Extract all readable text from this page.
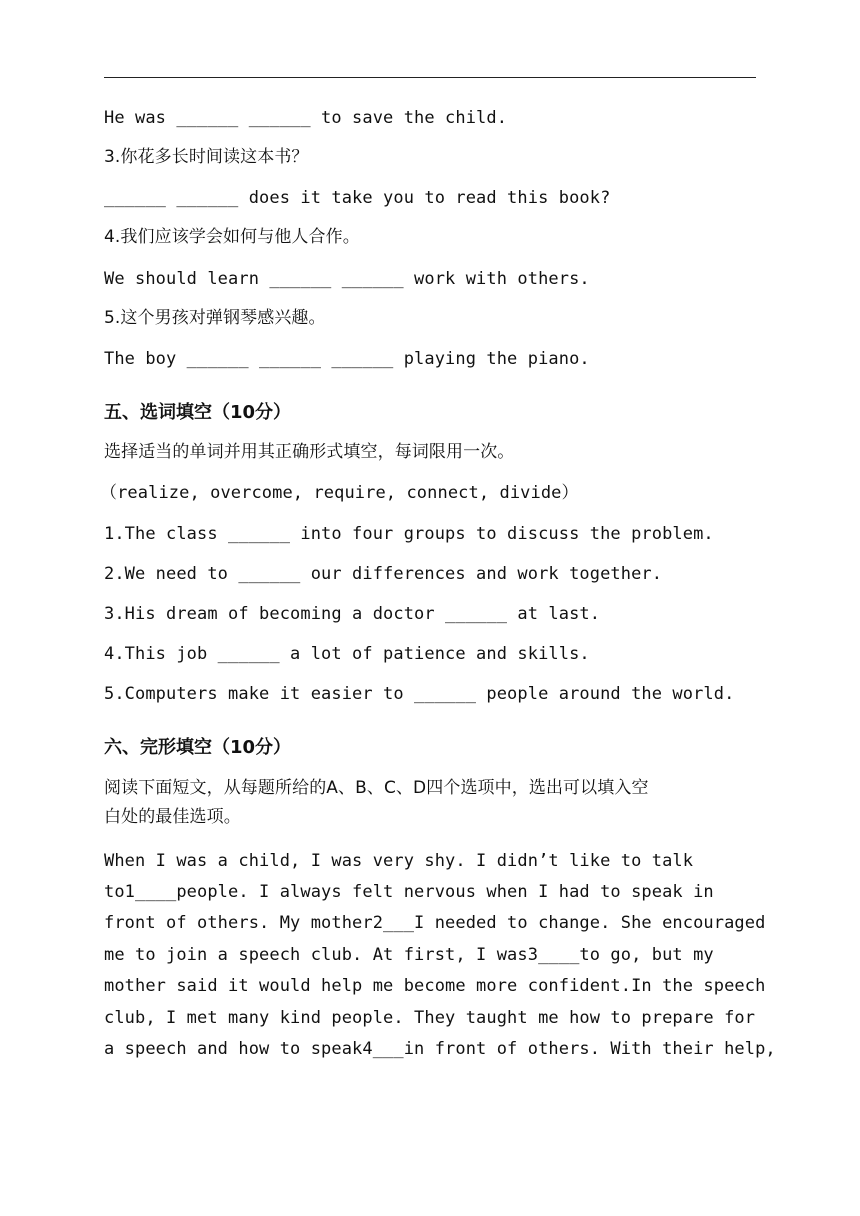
He was ______ ______ to save the child.
3.你花多长时间读这本书？
______ ______ does it take you to read this book?
4.我们应该学会如何与他人合作。
We should learn ______ ______ work with others.
5.这个男孩对弹钢琴感兴趣。
The boy ______ ______ ______ playing the piano.
五、选词填空（10分）
选择适当的单词并用其正确形式填空，每词限用一次。
（realize, overcome, require, connect, divide）
1.The class ______ into four groups to discuss the problem.
2.We need to ______ our differences and work together.
3.His dream of becoming a doctor ______ at last.
4.This job ______ a lot of patience and skills.
5.Computers make it easier to ______ people around the world.
六、完形填空（10分）
阅读下面短文，从每题所给的A、B、C、D四个选项中，选出可以填入空
白处的最佳选项。
When I was a child, I was very shy. I didn’t like to talk
to1____people. I always felt nervous when I had to speak in
front of others. My mother2___I needed to change. She encouraged
me to join a speech club. At first, I was3____to go, but my
mother said it would help me become more confident.In the speech
club, I met many kind people. They taught me how to prepare for
a speech and how to speak4___in front of others. With their help,
